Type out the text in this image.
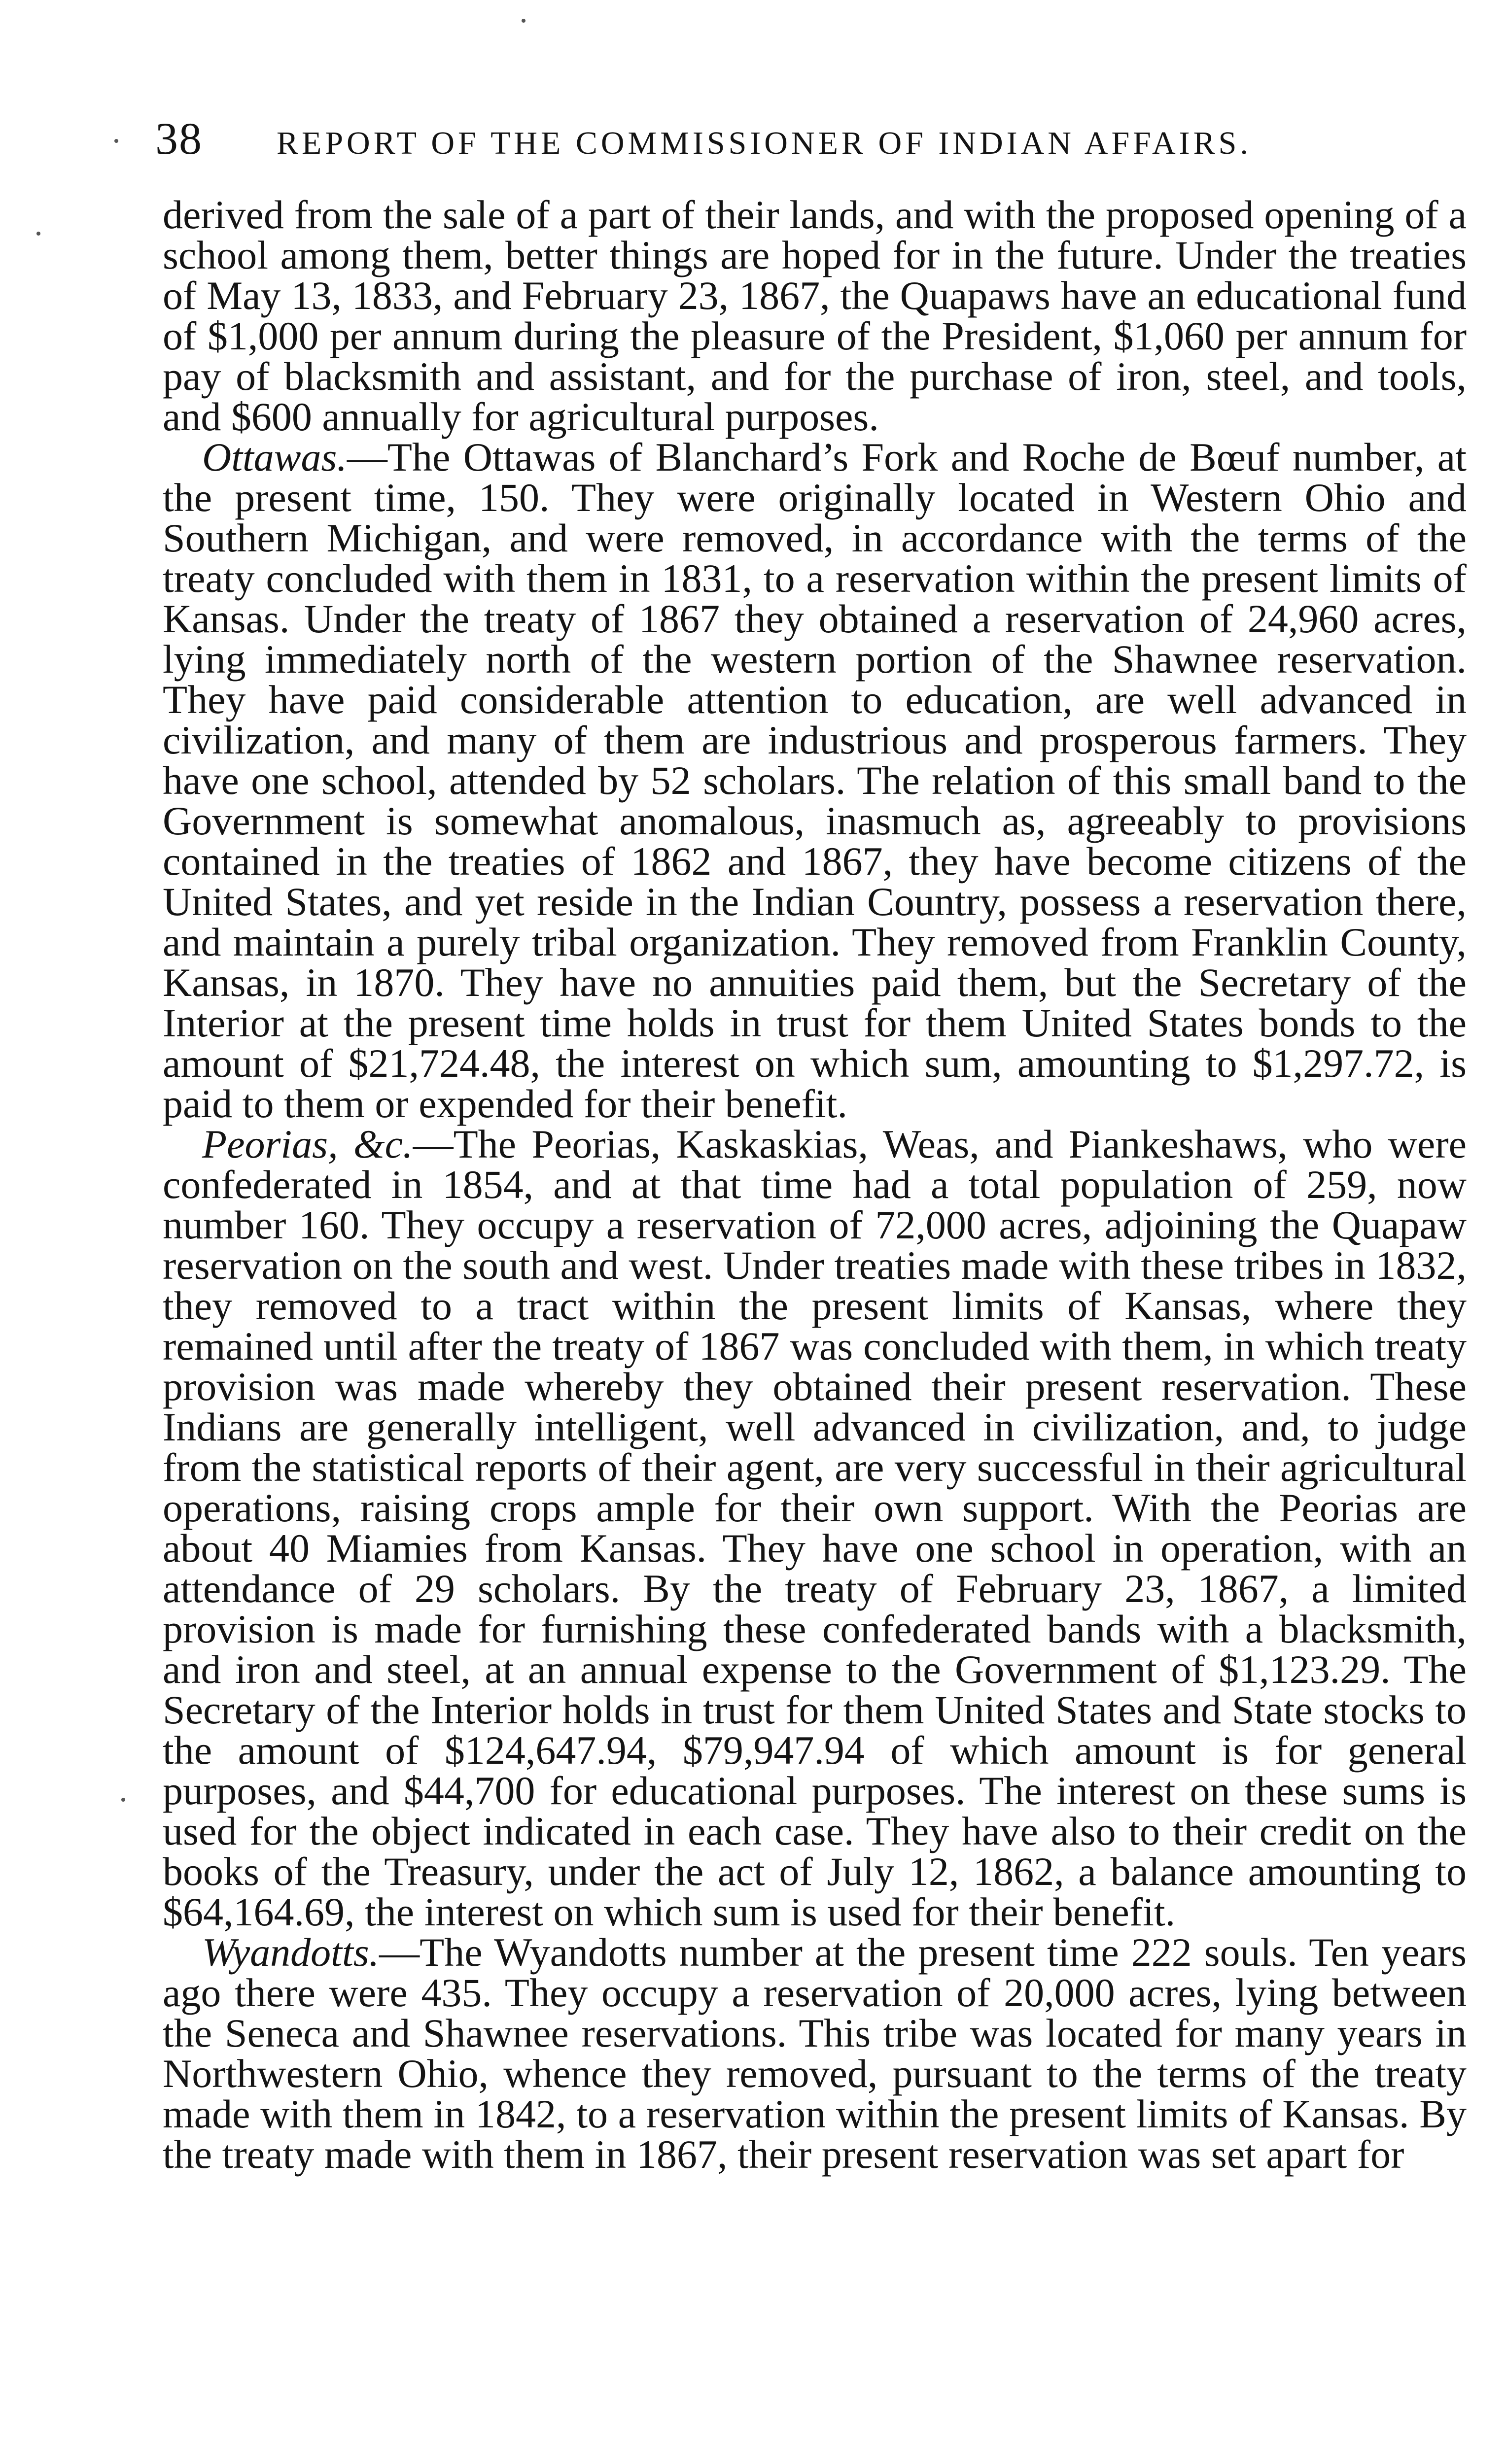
38 REPORT OF THE COMMISSIONER OF INDIAN AFFAIRS.

derived from the sale of a part of their lands, and with the proposed opening of a school among them, better things are hoped for in the future. Under the treaties of May 13, 1833, and February 23, 1867, the Quapaws have an educational fund of $1,000 per annum during the pleasure of the President, $1,060 per annum for pay of blacksmith and assistant, and for the purchase of iron, steel, and tools, and $600 annually for agricultural purposes.

Ottawas.—The Ottawas of Blanchard’s Fork and Roche de Bœuf number, at the present time, 150. They were originally located in Western Ohio and Southern Michigan, and were removed, in accordance with the terms of the treaty concluded with them in 1831, to a reservation within the present limits of Kansas. Under the treaty of 1867 they obtained a reservation of 24,960 acres, lying immediately north of the western portion of the Shawnee reservation. They have paid considerable attention to education, are well advanced in civilization, and many of them are industrious and prosperous farmers. They have one school, attended by 52 scholars. The relation of this small band to the Government is somewhat anomalous, inasmuch as, agreeably to provisions contained in the treaties of 1862 and 1867, they have become citizens of the United States, and yet reside in the Indian Country, possess a reservation there, and maintain a purely tribal organization. They removed from Franklin County, Kansas, in 1870. They have no annuities paid them, but the Secretary of the Interior at the present time holds in trust for them United States bonds to the amount of $21,724.48, the interest on which sum, amounting to $1,297.72, is paid to them or expended for their benefit.

Peorias, &c.—The Peorias, Kaskaskias, Weas, and Piankeshaws, who were confederated in 1854, and at that time had a total population of 259, now number 160. They occupy a reservation of 72,000 acres, adjoining the Quapaw reservation on the south and west. Under treaties made with these tribes in 1832, they removed to a tract within the present limits of Kansas, where they remained until after the treaty of 1867 was concluded with them, in which treaty provision was made whereby they obtained their present reservation. These Indians are generally intelligent, well advanced in civilization, and, to judge from the statistical reports of their agent, are very successful in their agricultural operations, raising crops ample for their own support. With the Peorias are about 40 Miamies from Kansas. They have one school in operation, with an attendance of 29 scholars. By the treaty of February 23, 1867, a limited provision is made for furnishing these confederated bands with a blacksmith, and iron and steel, at an annual expense to the Government of $1,123.29. The Secretary of the Interior holds in trust for them United States and State stocks to the amount of $124,647.94, $79,947.94 of which amount is for general purposes, and $44,700 for educational purposes. The interest on these sums is used for the object indicated in each case. They have also to their credit on the books of the Treasury, under the act of July 12, 1862, a balance amounting to $64,164.69, the interest on which sum is used for their benefit.

Wyandotts.—The Wyandotts number at the present time 222 souls. Ten years ago there were 435. They occupy a reservation of 20,000 acres, lying between the Seneca and Shawnee reservations. This tribe was located for many years in Northwestern Ohio, whence they removed, pursuant to the terms of the treaty made with them in 1842, to a reservation within the present limits of Kansas. By the treaty made with them in 1867, their present reservation was set apart for
